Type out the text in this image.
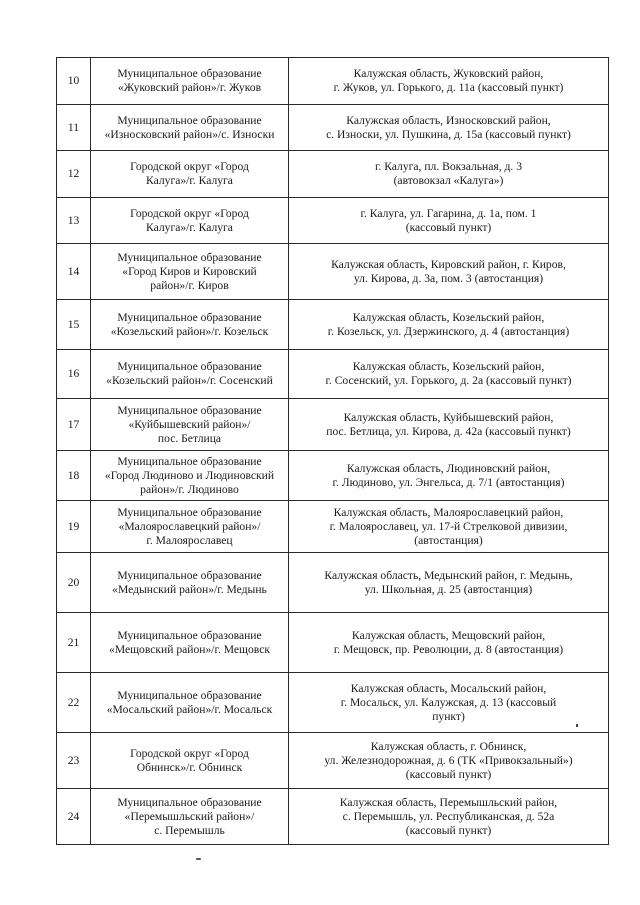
10	Муниципальное образование
«Жуковский район»/г. Жуков	Калужская область, Жуковский район,
г. Жуков, ул. Горького, д. 11а (кассовый пункт)

11	Муниципальное образование
«Износковский район»/с. Износки	Калужская область, Износковский район,
с. Износки, ул. Пушкина, д. 15а (кассовый пункт)

12	Городской округ «Город
Калуга»/г. Калуга	г. Калуга, пл. Вокзальная, д. 3
(автовокзал «Калуга»)

13	Городской округ «Город
Калуга»/г. Калуга	г. Калуга, ул. Гагарина, д. 1а, пом. 1
(кассовый пункт)

14	Муниципальное образование
«Город Киров и Кировский
район»/г. Киров	Калужская область, Кировский район, г. Киров,
ул. Кирова, д. 3а, пом. 3 (автостанция)

15	Муниципальное образование
«Козельский район»/г. Козельск	Калужская область, Козельский район,
г. Козельск, ул. Дзержинского, д. 4 (автостанция)

16	Муниципальное образование
«Козельский район»/г. Сосенский	Калужская область, Козельский район,
г. Сосенский, ул. Горького, д. 2а (кассовый пункт)

17	Муниципальное образование
«Куйбышевский район»/
пос. Бетлица	Калужская область, Куйбышевский район,
пос. Бетлица, ул. Кирова, д. 42а (кассовый пункт)

18	Муниципальное образование
«Город Людиново и Людиновский
район»/г. Людиново	Калужская область, Людиновский район,
г. Людиново, ул. Энгельса, д. 7/1 (автостанция)

19	Муниципальное образование
«Малоярославецкий район»/
г. Малоярославец	Калужская область, Малоярославецкий район,
г. Малоярославец, ул. 17-й Стрелковой дивизии,
(автостанция)

20	Муниципальное образование
«Медынский район»/г. Медынь	Калужская область, Медынский район, г. Медынь,
ул. Школьная, д. 25 (автостанция)

21	Муниципальное образование
«Мещовский район»/г. Мещовск	Калужская область, Мещовский район,
г. Мещовск, пр. Революции, д. 8 (автостанция)

22	Муниципальное образование
«Мосальский район»/г. Мосальск	Калужская область, Мосальский район,
г. Мосальск, ул. Калужская, д. 13 (кассовый
пункт)

23	Городской округ «Город
Обнинск»/г. Обнинск	Калужская область, г. Обнинск,
ул. Железнодорожная, д. 6 (ТК «Привокзальный»)
(кассовый пункт)

24	Муниципальное образование
«Перемышльский район»/
с. Перемышль	Калужская область, Перемышльский район,
с. Перемышль, ул. Республиканская, д. 52а
(кассовый пункт)
